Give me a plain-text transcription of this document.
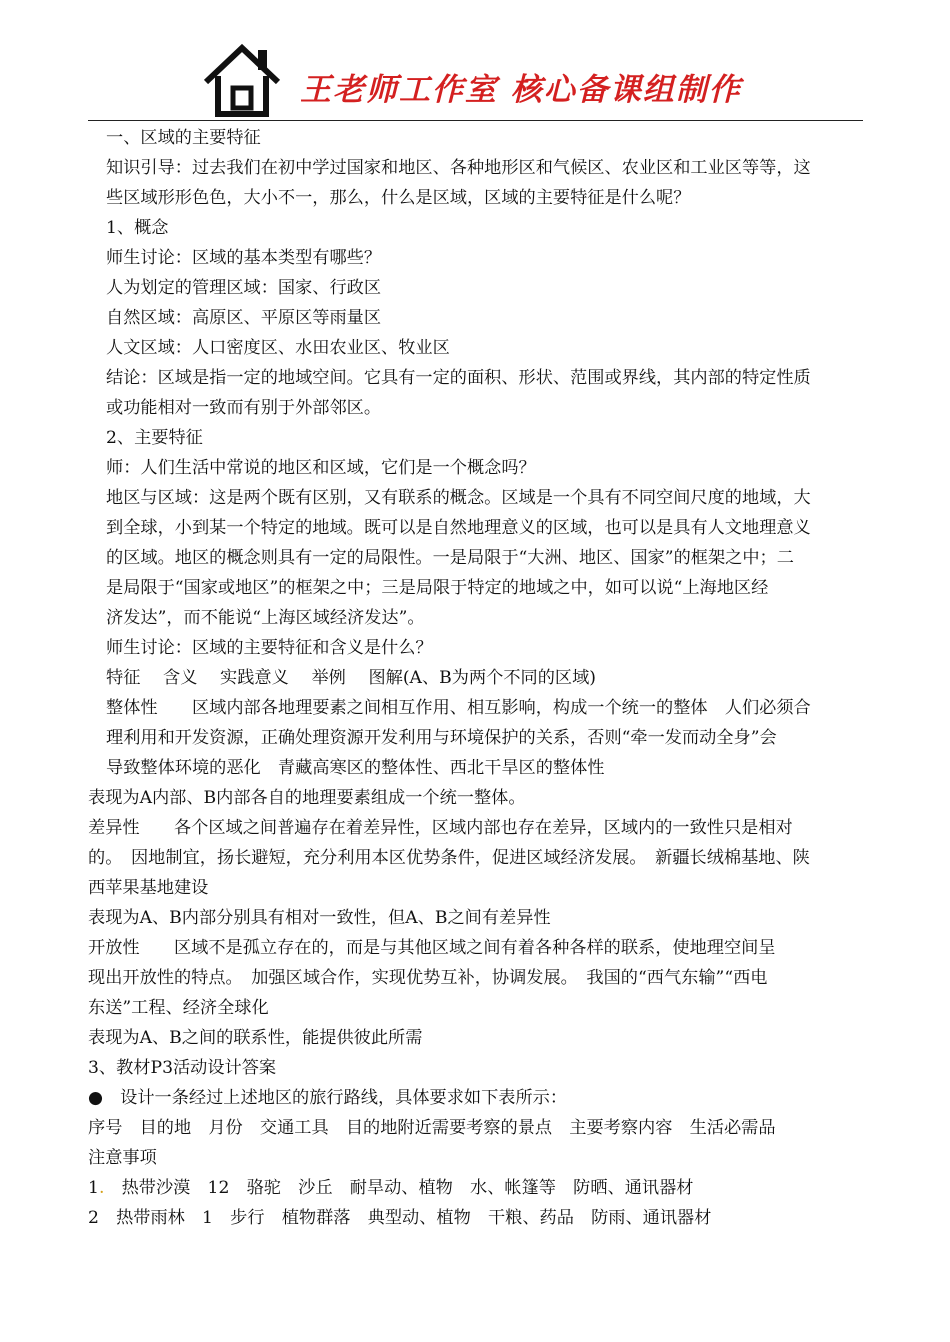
王老师工作室 核心备课组制作
一、区域的主要特征
知识引导：过去我们在初中学过国家和地区、各种地形区和气候区、农业区和工业区等等，这
些区域形形色色，大小不一，那么，什么是区域，区域的主要特征是什么呢？
1、概念
师生讨论：区域的基本类型有哪些？
人为划定的管理区域：国家、行政区
自然区域：高原区、平原区等雨量区
人文区域：人口密度区、水田农业区、牧业区
结论：区域是指一定的地域空间。它具有一定的面积、形状、范围或界线，其内部的特定性质
或功能相对一致而有别于外部邻区。
2、主要特征
师：人们生活中常说的地区和区域，它们是一个概念吗？
地区与区域：这是两个既有区别，又有联系的概念。区域是一个具有不同空间尺度的地域，大
到全球，小到某一个特定的地域。既可以是自然地理意义的区域，也可以是具有人文地理意义
的区域。地区的概念则具有一定的局限性。一是局限于“大洲、地区、国家”的框架之中；二
是局限于“国家或地区”的框架之中；三是局限于特定的地域之中，如可以说“上海地区经
济发达”，而不能说“上海区域经济发达”。
师生讨论：区域的主要特征和含义是什么？
特征　 含义　 实践意义　 举例　 图解(A、B为两个不同的区域)
整体性　　区域内部各地理要素之间相互作用、相互影响，构成一个统一的整体　人们必须合
理利用和开发资源，正确处理资源开发利用与环境保护的关系，否则“牵一发而动全身”会
导致整体环境的恶化　青藏高寒区的整体性、西北干旱区的整体性
表现为A内部、B内部各自的地理要素组成一个统一整体。
差异性　　各个区域之间普遍存在着差异性，区域内部也存在差异，区域内的一致性只是相对
的。　因地制宜，扬长避短，充分利用本区优势条件，促进区域经济发展。　新疆长绒棉基地、陕
西苹果基地建设
表现为A、B内部分别具有相对一致性，但A、B之间有差异性
开放性　　区域不是孤立存在的，而是与其他区域之间有着各种各样的联系，使地理空间呈
现出开放性的特点。　加强区域合作，实现优势互补，协调发展。　我国的“西气东输”“西电
东送”工程、经济全球化
表现为A、B之间的联系性，能提供彼此所需
3、教材P3活动设计答案
●　设计一条经过上述地区的旅行路线，具体要求如下表所示：
序号　目的地　月份　交通工具　目的地附近需要考察的景点　主要考察内容　生活必需品
注意事项
1.　热带沙漠　12　骆驼　沙丘　耐旱动、植物　水、帐篷等　防晒、通讯器材
2　热带雨林　1　步行　植物群落　典型动、植物　干粮、药品　防雨、通讯器材
